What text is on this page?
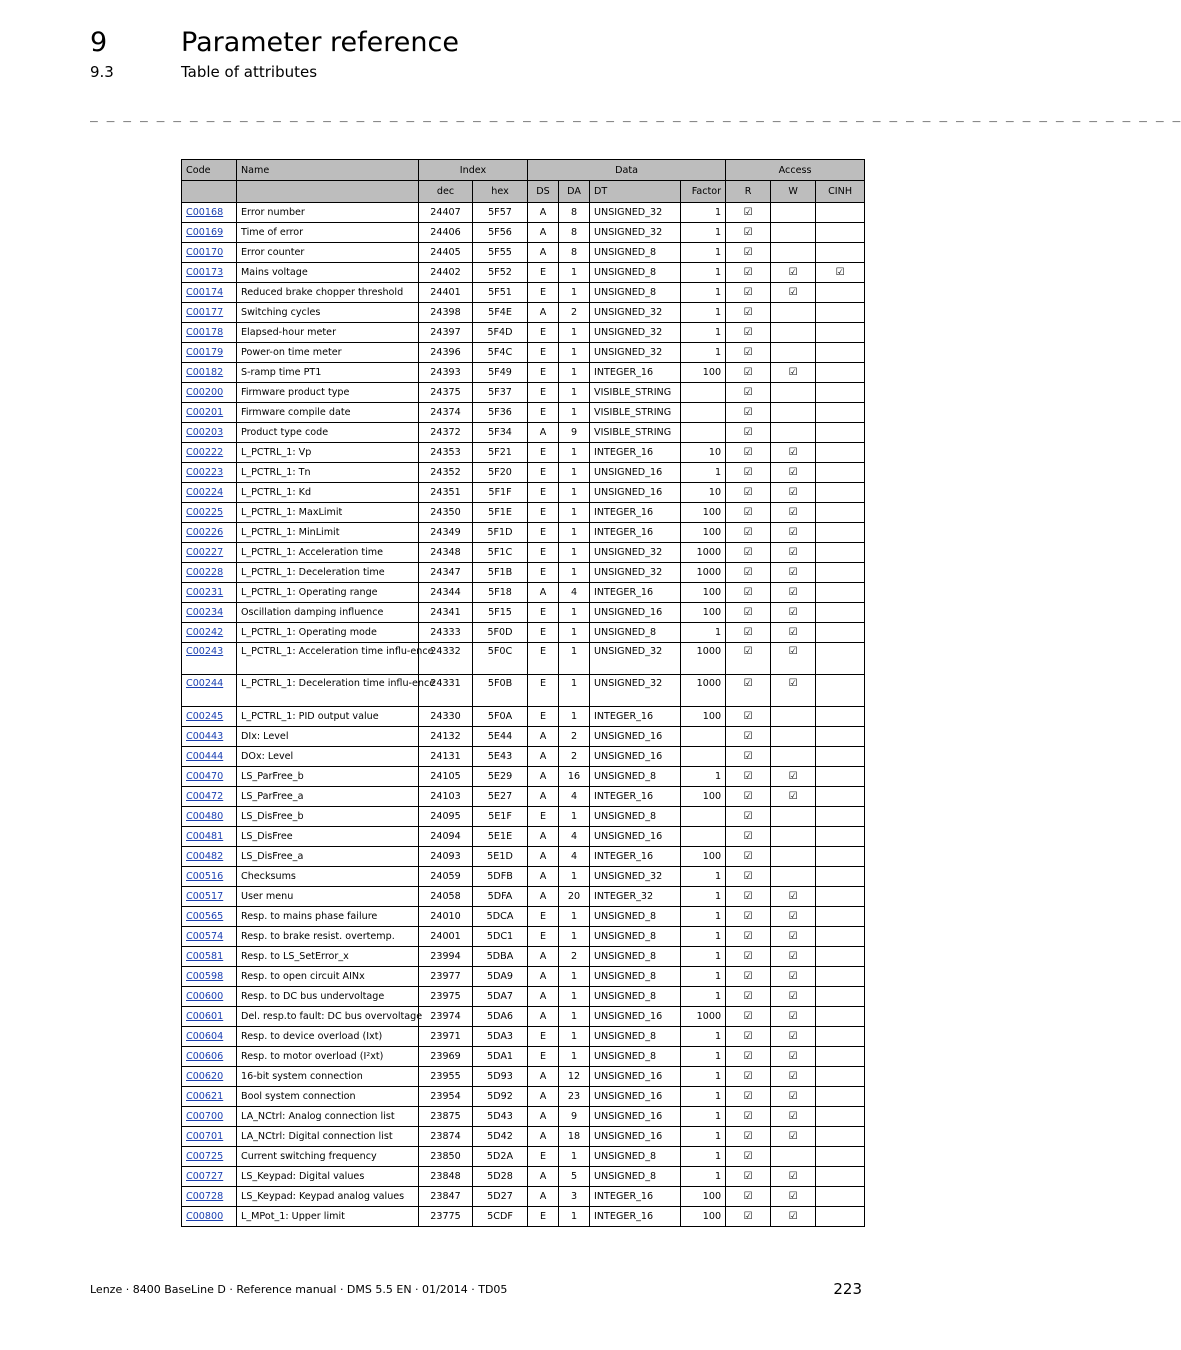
9	Parameter reference
9.3	Table of attributes
_ _ _ _ _ _ _ _ _ _ _ _ _ _ _ _ _ _ _ _ _ _ _ _ _ _ _ _ _ _ _ _ _ _ _ _ _ _ _ _ _ _ _ _ _ _ _ _ _ _ _ _ _ _ _ _ _ _ _ _ _ _ _ _ _ _
Code	Name	Index		Data				Access		
		dec	hex	DS	DA	DT	Factor	R	W	CINH
C00168	Error number	24407	5F57	A	8	UNSIGNED_32	1	☑		
C00169	Time of error	24406	5F56	A	8	UNSIGNED_32	1	☑		
C00170	Error counter	24405	5F55	A	8	UNSIGNED_8	1	☑		
C00173	Mains voltage	24402	5F52	E	1	UNSIGNED_8	1	☑	☑	☑
C00174	Reduced brake chopper threshold	24401	5F51	E	1	UNSIGNED_8	1	☑	☑	
C00177	Switching cycles	24398	5F4E	A	2	UNSIGNED_32	1	☑		
C00178	Elapsed-hour meter	24397	5F4D	E	1	UNSIGNED_32	1	☑		
C00179	Power-on time meter	24396	5F4C	E	1	UNSIGNED_32	1	☑		
C00182	S-ramp time PT1	24393	5F49	E	1	INTEGER_16	100	☑	☑	
C00200	Firmware product type	24375	5F37	E	1	VISIBLE_STRING		☑		
C00201	Firmware compile date	24374	5F36	E	1	VISIBLE_STRING		☑		
C00203	Product type code	24372	5F34	A	9	VISIBLE_STRING		☑		
C00222	L_PCTRL_1: Vp	24353	5F21	E	1	INTEGER_16	10	☑	☑	
C00223	L_PCTRL_1: Tn	24352	5F20	E	1	UNSIGNED_16	1	☑	☑	
C00224	L_PCTRL_1: Kd	24351	5F1F	E	1	UNSIGNED_16	10	☑	☑	
C00225	L_PCTRL_1: MaxLimit	24350	5F1E	E	1	INTEGER_16	100	☑	☑	
C00226	L_PCTRL_1: MinLimit	24349	5F1D	E	1	INTEGER_16	100	☑	☑	
C00227	L_PCTRL_1: Acceleration time	24348	5F1C	E	1	UNSIGNED_32	1000	☑	☑	
C00228	L_PCTRL_1: Deceleration time	24347	5F1B	E	1	UNSIGNED_32	1000	☑	☑	
C00231	L_PCTRL_1: Operating range	24344	5F18	A	4	INTEGER_16	100	☑	☑	
C00234	Oscillation damping influence	24341	5F15	E	1	UNSIGNED_16	100	☑	☑	
C00242	L_PCTRL_1: Operating mode	24333	5F0D	E	1	UNSIGNED_8	1	☑	☑	
C00243	L_PCTRL_1: Acceleration time influ-ence	24332	5F0C	E	1	UNSIGNED_32	1000	☑	☑	
C00244	L_PCTRL_1: Deceleration time influ-ence	24331	5F0B	E	1	UNSIGNED_32	1000	☑	☑	
C00245	L_PCTRL_1: PID output value	24330	5F0A	E	1	INTEGER_16	100	☑		
C00443	DIx: Level	24132	5E44	A	2	UNSIGNED_16		☑		
C00444	DOx: Level	24131	5E43	A	2	UNSIGNED_16		☑		
C00470	LS_ParFree_b	24105	5E29	A	16	UNSIGNED_8	1	☑	☑	
C00472	LS_ParFree_a	24103	5E27	A	4	INTEGER_16	100	☑	☑	
C00480	LS_DisFree_b	24095	5E1F	E	1	UNSIGNED_8		☑		
C00481	LS_DisFree	24094	5E1E	A	4	UNSIGNED_16		☑		
C00482	LS_DisFree_a	24093	5E1D	A	4	INTEGER_16	100	☑		
C00516	Checksums	24059	5DFB	A	1	UNSIGNED_32	1	☑		
C00517	User menu	24058	5DFA	A	20	INTEGER_32	1	☑	☑	
C00565	Resp. to mains phase failure	24010	5DCA	E	1	UNSIGNED_8	1	☑	☑	
C00574	Resp. to brake resist. overtemp.	24001	5DC1	E	1	UNSIGNED_8	1	☑	☑	
C00581	Resp. to LS_SetError_x	23994	5DBA	A	2	UNSIGNED_8	1	☑	☑	
C00598	Resp. to open circuit AINx	23977	5DA9	A	1	UNSIGNED_8	1	☑	☑	
C00600	Resp. to DC bus undervoltage	23975	5DA7	A	1	UNSIGNED_8	1	☑	☑	
C00601	Del. resp.to fault: DC bus overvoltage	23974	5DA6	A	1	UNSIGNED_16	1000	☑	☑	
C00604	Resp. to device overload (Ixt)	23971	5DA3	E	1	UNSIGNED_8	1	☑	☑	
C00606	Resp. to motor overload (I²xt)	23969	5DA1	E	1	UNSIGNED_8	1	☑	☑	
C00620	16-bit system connection	23955	5D93	A	12	UNSIGNED_16	1	☑	☑	
C00621	Bool system connection	23954	5D92	A	23	UNSIGNED_16	1	☑	☑	
C00700	LA_NCtrl: Analog connection list	23875	5D43	A	9	UNSIGNED_16	1	☑	☑	
C00701	LA_NCtrl: Digital connection list	23874	5D42	A	18	UNSIGNED_16	1	☑	☑	
C00725	Current switching frequency	23850	5D2A	E	1	UNSIGNED_8	1	☑		
C00727	LS_Keypad: Digital values	23848	5D28	A	5	UNSIGNED_8	1	☑	☑	
C00728	LS_Keypad: Keypad analog values	23847	5D27	A	3	INTEGER_16	100	☑	☑	
C00800	L_MPot_1: Upper limit	23775	5CDF	E	1	INTEGER_16	100	☑	☑	
Lenze · 8400 BaseLine D · Reference manual · DMS 5.5 EN · 01/2014 · TD05	223
